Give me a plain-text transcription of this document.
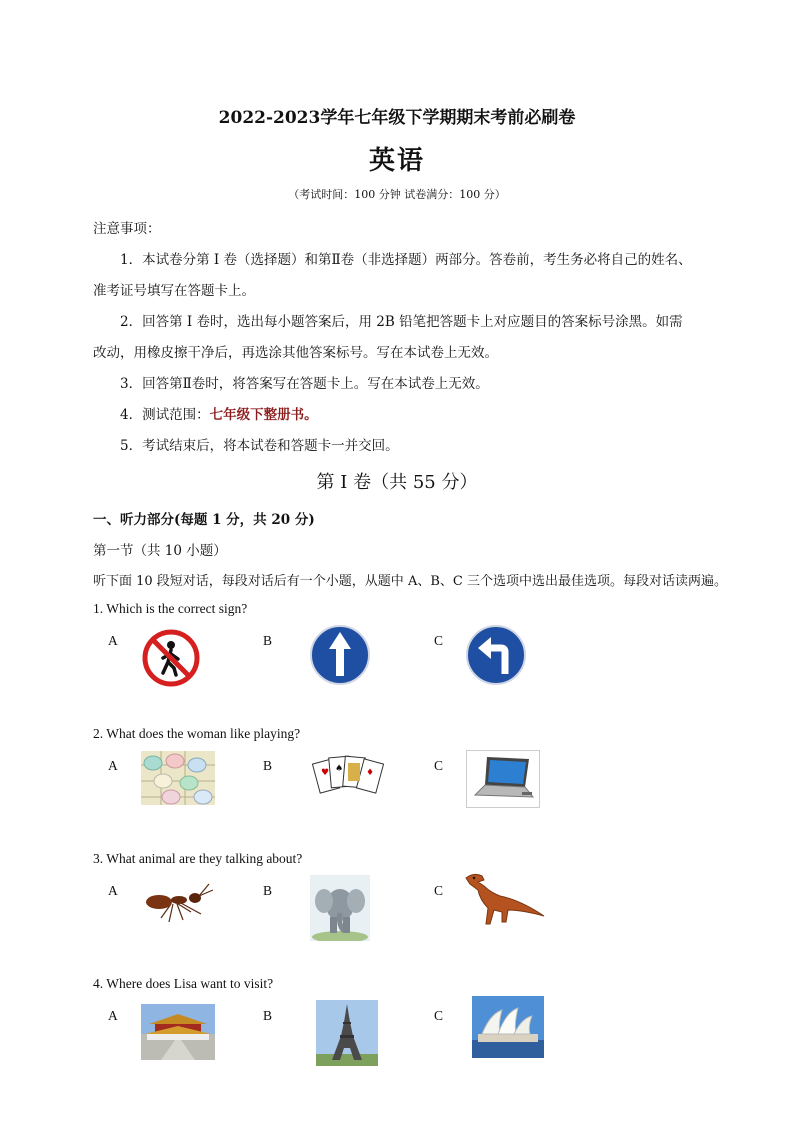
2022-2023学年七年级下学期期末考前必刷卷
英语
（考试时间：100 分钟 试卷满分：100 分）
注意事项：
1．本试卷分第 I 卷（选择题）和第Ⅱ卷（非选择题）两部分。答卷前，考生务必将自己的姓名、
准考证号填写在答题卡上。
2．回答第 I 卷时，选出每小题答案后，用 2B 铅笔把答题卡上对应题目的答案标号涂黑。如需
改动，用橡皮擦干净后，再选涂其他答案标号。写在本试卷上无效。
3．回答第Ⅱ卷时，将答案写在答题卡上。写在本试卷上无效。
4．测试范围：七年级下整册书。
5．考试结束后，将本试卷和答题卡一并交回。
第 I 卷（共 55 分）
一、听力部分(每题 1 分，共 20 分)
第一节（共 10 小题）
听下面 10 段短对话，每段对话后有一个小题，从题中 A、B、C 三个选项中选出最佳选项。每段对话读两遍。
1. Which is the correct sign?
A	B	C
2. What does the woman like playing?
A	B	C
♥ ♠	♦
3. What animal are they talking about?
A	B	C
4. Where does Lisa want to visit?
A	B	C
